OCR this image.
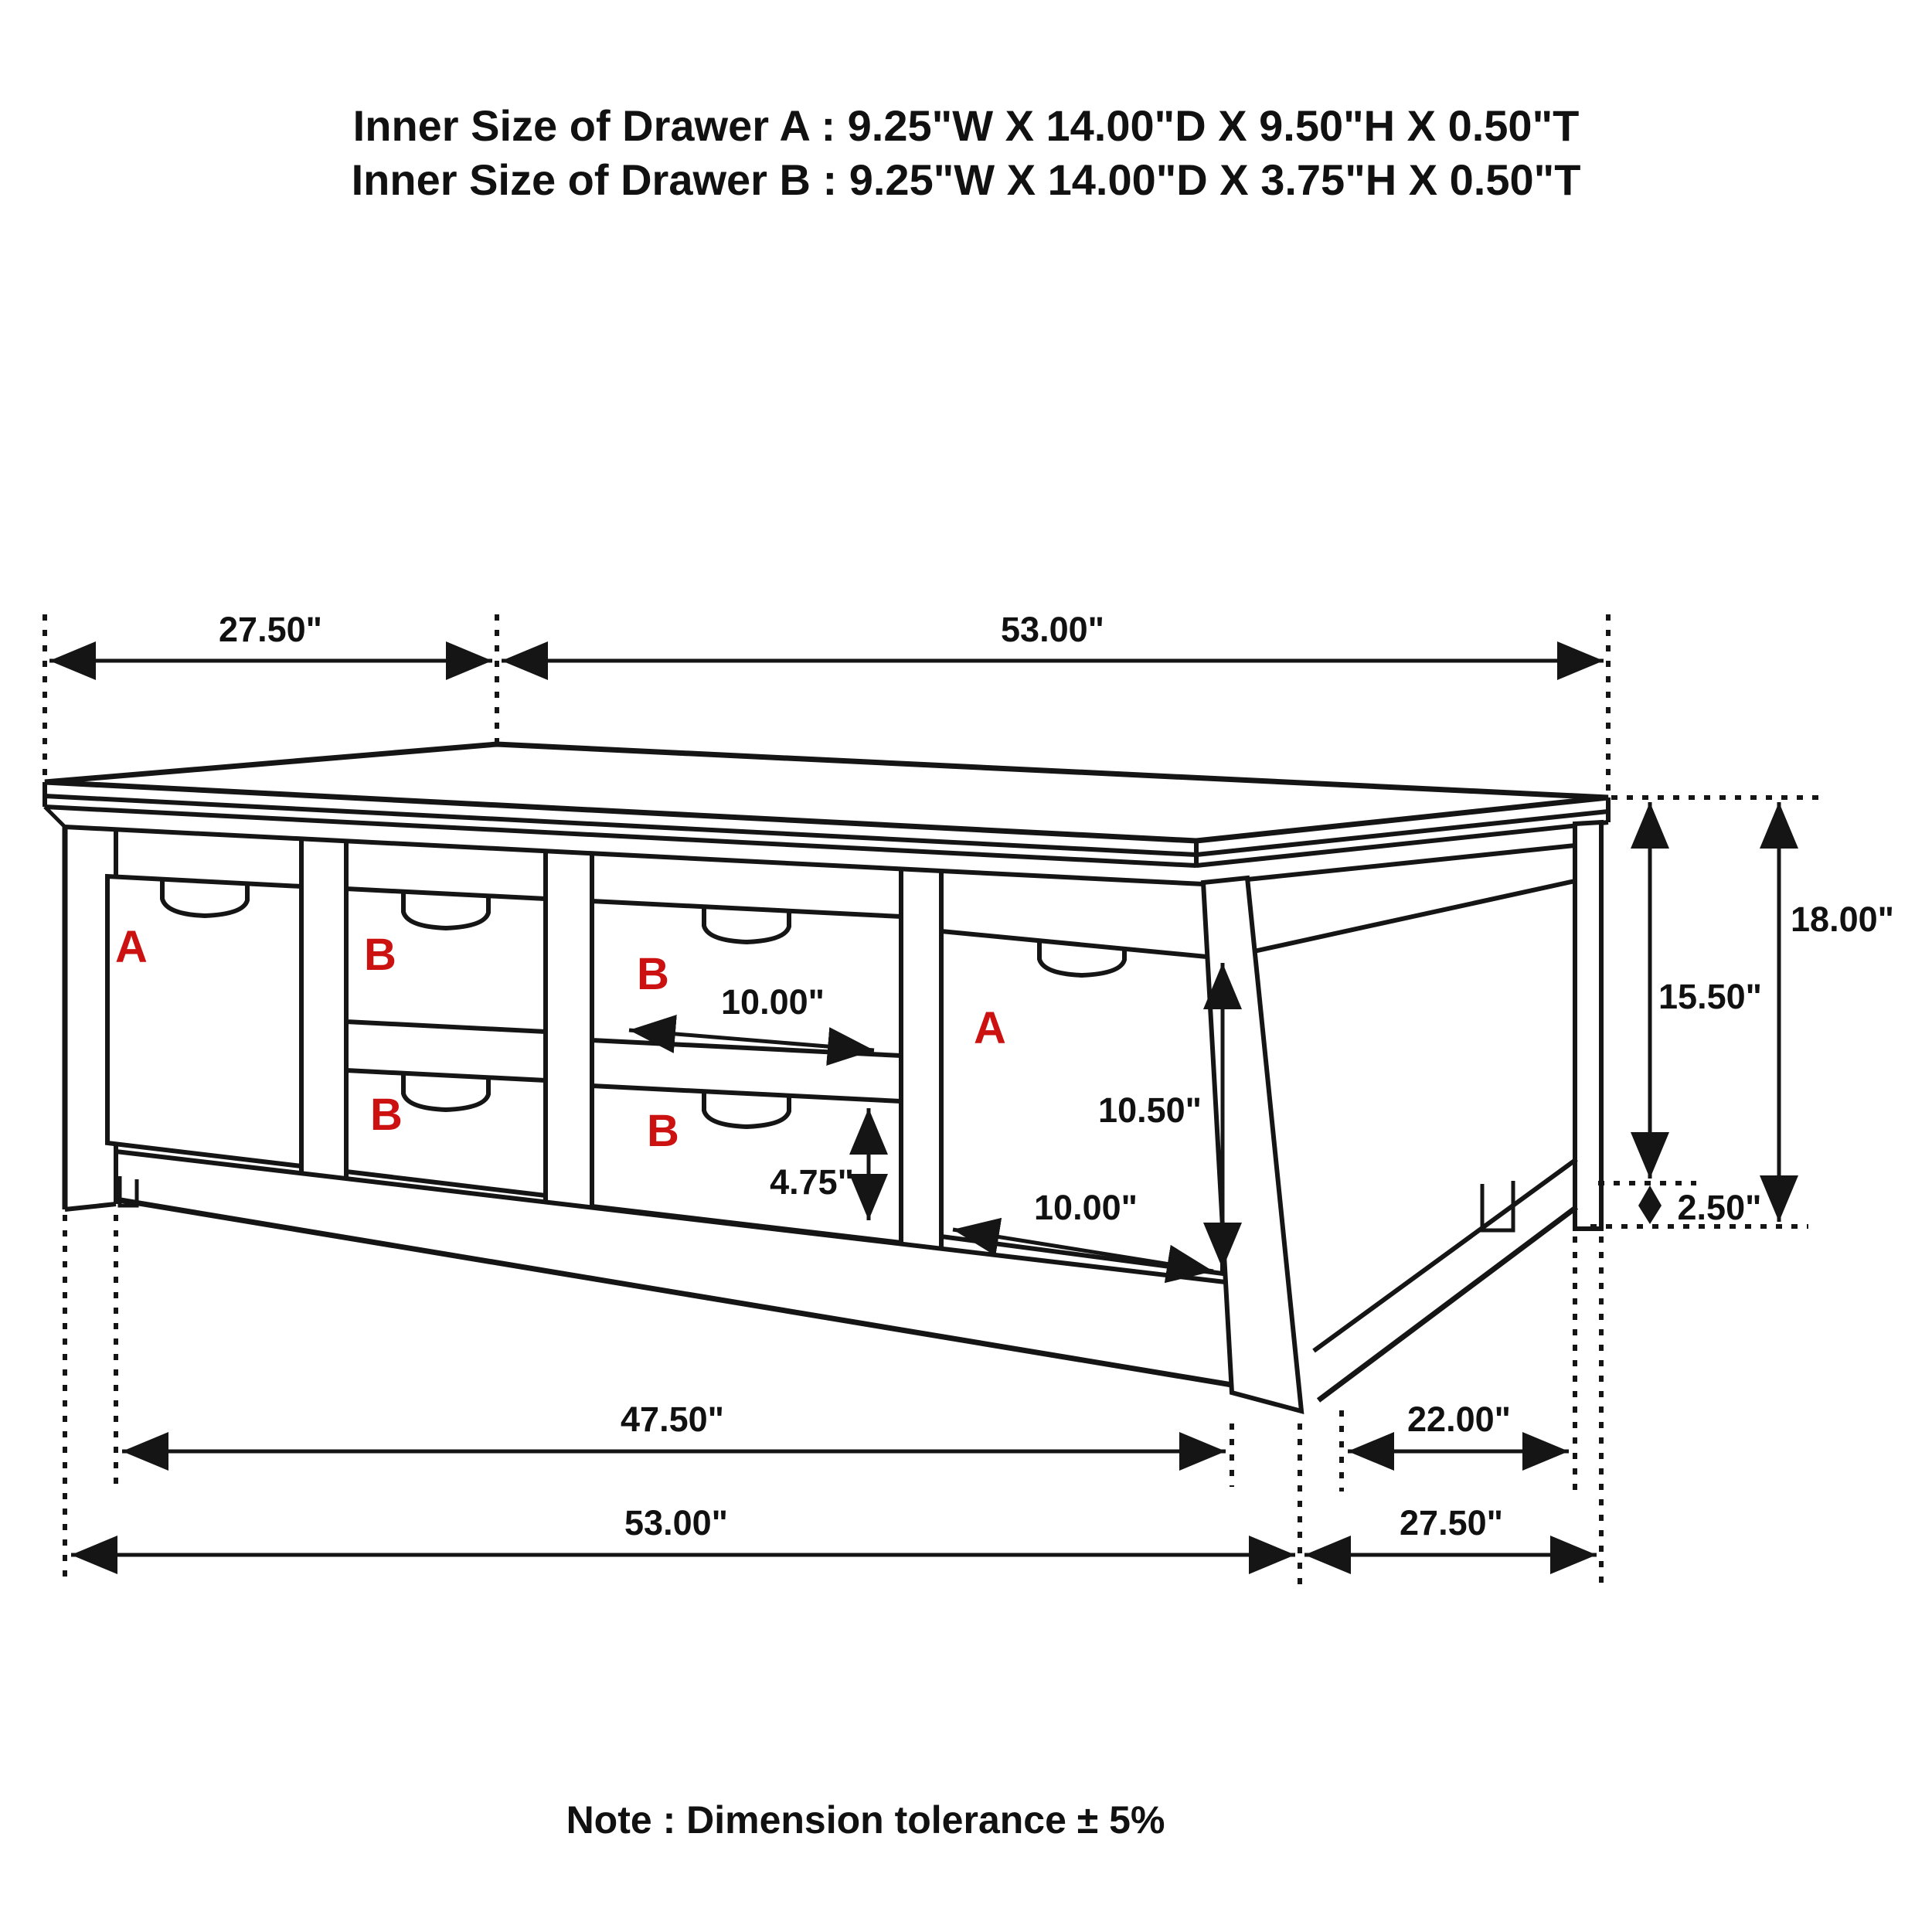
Inner Size of Drawer A : 9.25"W X 14.00"D X 9.50"H X 0.50"T
Inner Size of Drawer B : 9.25"W X 14.00"D X 3.75"H X 0.50"T
A	B
B
B
B
A
27.50"	53.00"
18.00"
15.50"
2.50"
10.00"
4.75"
10.50"
10.00"
47.50"	22.00"
53.00"	27.50"
Note : Dimension tolerance ± 5%
